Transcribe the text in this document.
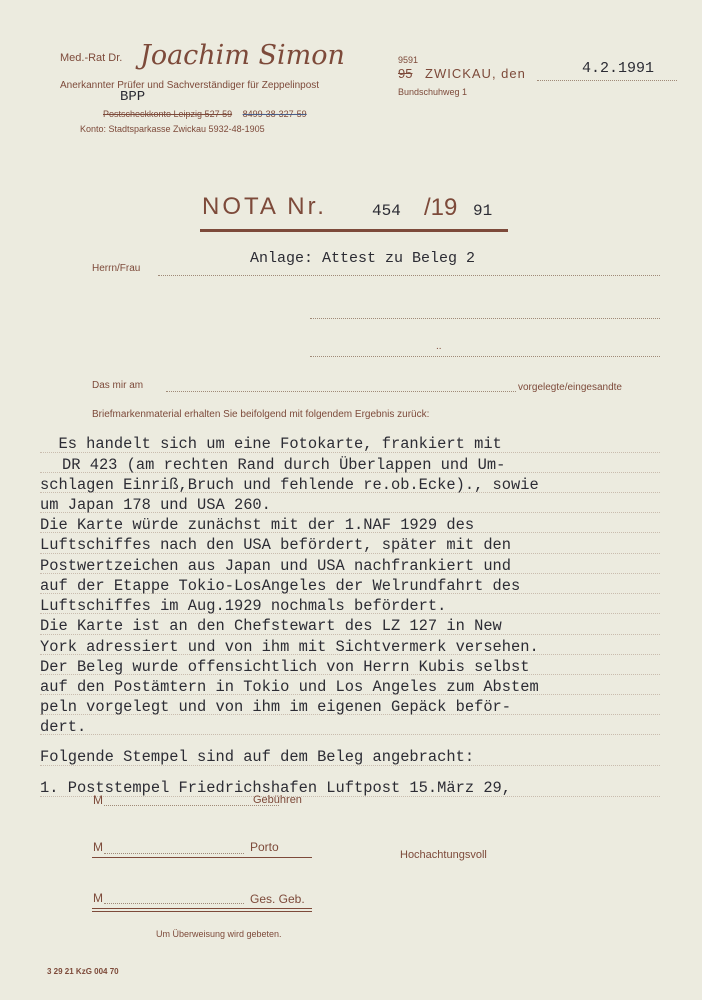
Med.-Rat Dr. Joachim Simon
Anerkannter Prüfer und Sachverständiger für Zeppelinpost
BPP
Postscheckkonto Leipzig 527 59 8499-38-327-59
Konto: Stadtsparkasse Zwickau 5932-48-1905
9591
95 ZWICKAU, den	4.2.1991
Bundschuhweg 1
NOTA Nr.	454 /19 91
Herrn/Frau
Anlage: Attest zu Beleg 2
..
Das mir am	vorgelegte/eingesandte
Briefmarkenmaterial erhalten Sie beifolgend mit folgendem Ergebnis zurück:
Es handelt sich um eine Fotokarte, frankiert mit
DR 423 (am rechten Rand durch Überlappen und Um-
schlagen Einriß,Bruch und fehlende re.ob.Ecke)., sowie
um Japan 178 und USA 260.
Die Karte würde zunächst mit der 1.NAF 1929 des
Luftschiffes nach den USA befördert, später mit den
Postwertzeichen aus Japan und USA nachfrankiert und
auf der Etappe Tokio-LosAngeles der Welrundfahrt des
Luftschiffes im Aug.1929 nochmals befördert.
Die Karte ist an den Chefstewart des LZ 127 in New
York adressiert und von ihm mit Sichtvermerk versehen.
Der Beleg wurde offensichtlich von Herrn Kubis selbst
auf den Postämtern in Tokio und Los Angeles zum Abstem
peln vorgelegt und von ihm im eigenen Gepäck beför-
dert.
Folgende Stempel sind auf dem Beleg angebracht:
1. Poststempel Friedrichshafen Luftpost 15.März 29,
M	Gebühren
M	Porto
Hochachtungsvoll
M	Ges. Geb.
Um Überweisung wird gebeten.
3 29 21 KzG 004 70
